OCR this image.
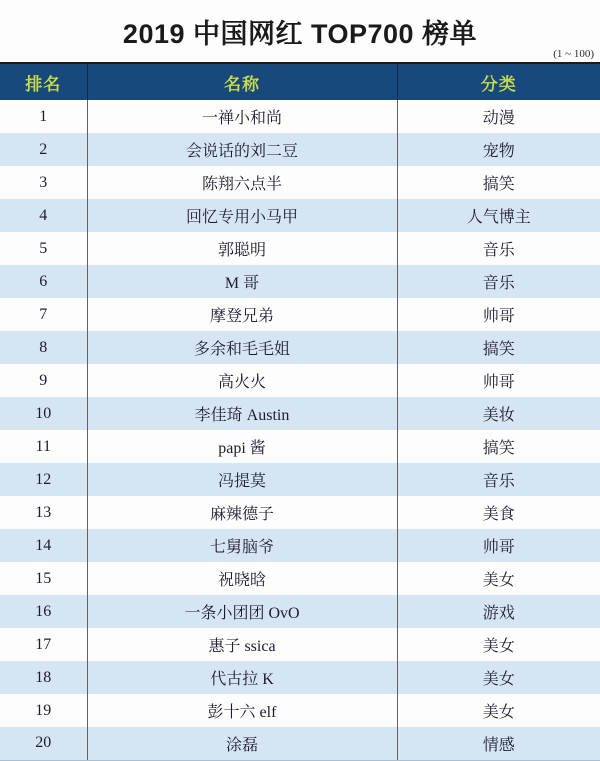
2019 中国网红 TOP700 榜单
(1 ~ 100)
排名	名称	分类
1	一禅小和尚	动漫
2	会说话的刘二豆	宠物
3	陈翔六点半	搞笑
4	回忆专用小马甲	人气博主
5	郭聪明	音乐
6	M 哥	音乐
7	摩登兄弟	帅哥
8	多余和毛毛姐	搞笑
9	高火火	帅哥
10	李佳琦 Austin	美妆
11	papi 酱	搞笑
12	冯提莫	音乐
13	麻辣德子	美食
14	七舅脑爷	帅哥
15	祝晓晗	美女
16	一条小团团 OvO	游戏
17	惠子 ssica	美女
18	代古拉 K	美女
19	彭十六 elf	美女
20	涂磊	情感
